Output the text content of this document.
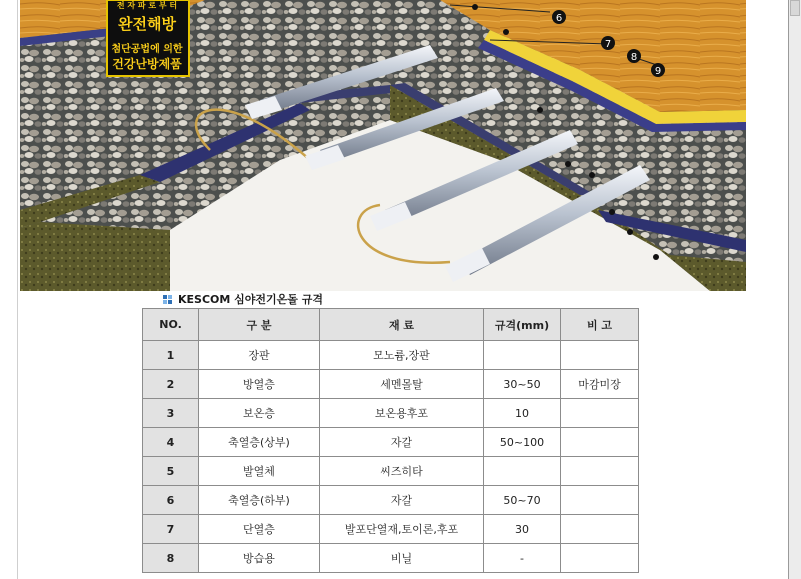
6
7
8
9
전 자 파 로 부 터
완전해방
첨단공법에 의한
건강난방제품
KESCOM 심야전기온돌 규격
NO.	구 분	재 료	규격(mm)	비 고
1	장판	모노륨,장판		
2	방열층	세멘몰탈	30~50	마감미장
3	보온층	보온용후포	10	
4	축열층(상부)	자갈	50~100	
5	발열체	씨즈히타		
6	축열층(하부)	자갈	50~70	
7	단열층	발포단열재,토이론,후포	30	
8	방습용	비닐	-	
